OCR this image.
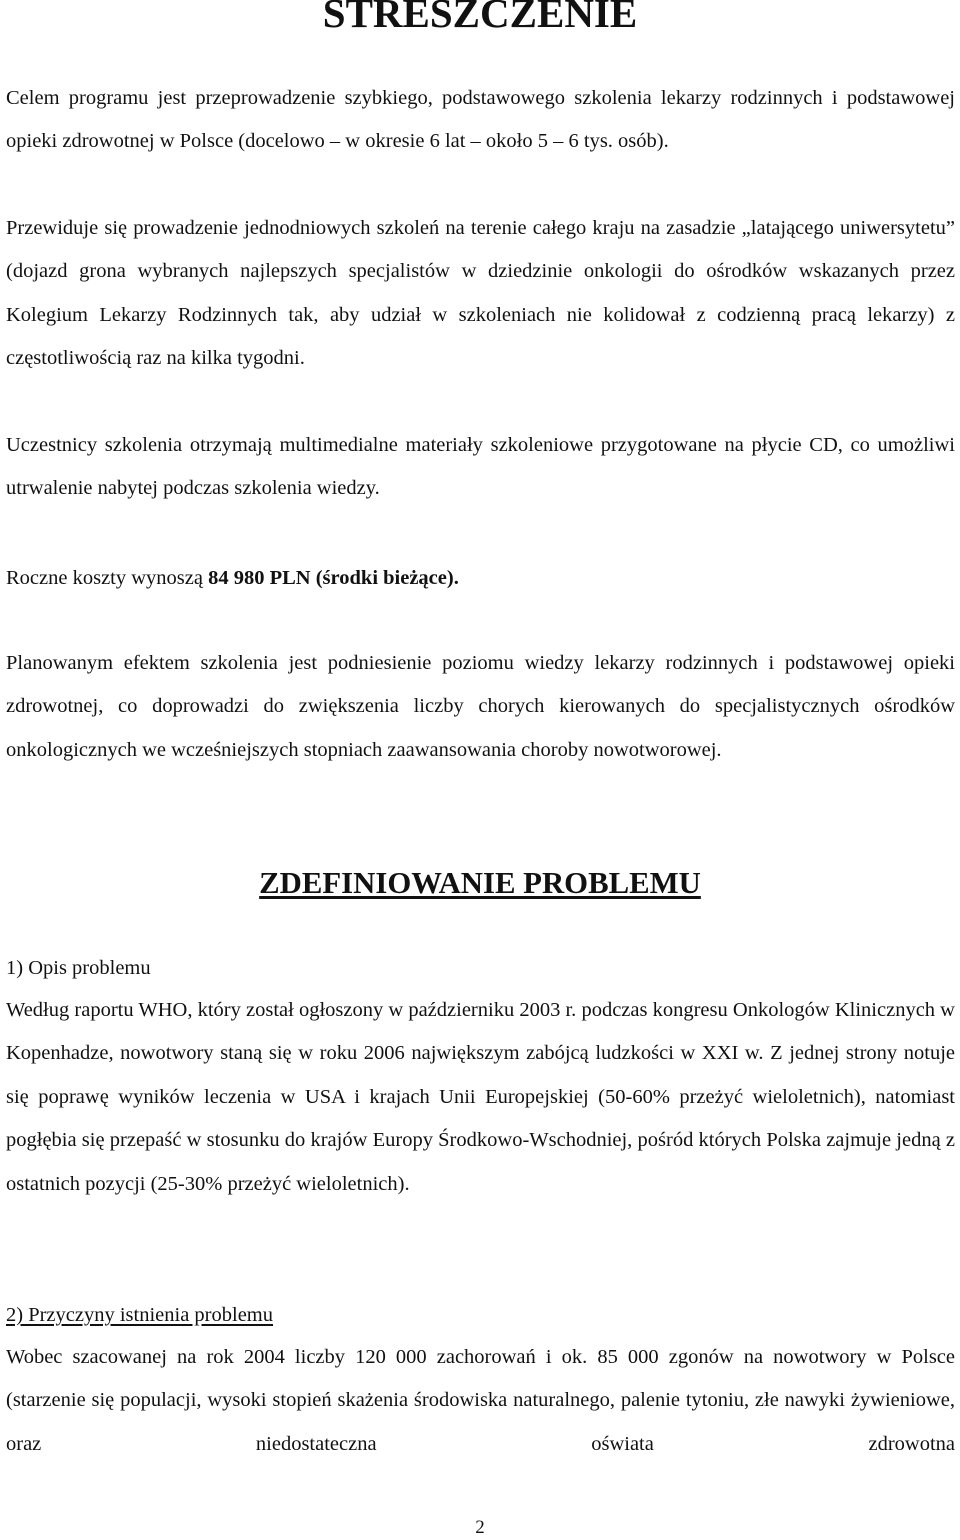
STRESZCZENIE

Celem programu jest przeprowadzenie szybkiego, podstawowego szkolenia lekarzy rodzinnych i podstawowej opieki zdrowotnej w Polsce (docelowo – w okresie 6 lat – około 5 – 6 tys. osób).

Przewiduje się prowadzenie jednodniowych szkoleń na terenie całego kraju na zasadzie „latającego uniwersytetu” (dojazd grona wybranych najlepszych specjalistów w dziedzinie onkologii do ośrodków wskazanych przez Kolegium Lekarzy Rodzinnych tak, aby udział w szkoleniach nie kolidował z codzienną pracą lekarzy) z częstotliwością raz na kilka tygodni.

Uczestnicy szkolenia otrzymają multimedialne materiały szkoleniowe przygotowane na płycie CD, co umożliwi utrwalenie nabytej podczas szkolenia wiedzy.

Roczne koszty wynoszą 84 980 PLN (środki bieżące).

Planowanym efektem szkolenia jest podniesienie poziomu wiedzy lekarzy rodzinnych i podstawowej opieki zdrowotnej, co doprowadzi do zwiększenia liczby chorych kierowanych do specjalistycznych ośrodków onkologicznych we wcześniejszych stopniach zaawansowania choroby nowotworowej.

ZDEFINIOWANIE PROBLEMU

1) Opis problemu

Według raportu WHO, który został ogłoszony w październiku 2003 r. podczas kongresu Onkologów Klinicznych w Kopenhadze, nowotwory staną się w roku 2006 największym zabójcą ludzkości w XXI w. Z jednej strony notuje się poprawę wyników leczenia w USA i krajach Unii Europejskiej (50-60% przeżyć wieloletnich), natomiast pogłębia się przepaść w stosunku do krajów Europy Środkowo-Wschodniej, pośród których Polska zajmuje jedną z ostatnich pozycji (25-30% przeżyć wieloletnich).

2) Przyczyny istnienia problemu

Wobec szacowanej na rok 2004 liczby 120 000 zachorowań i ok. 85 000 zgonów na nowotwory w Polsce (starzenie się populacji, wysoki stopień skażenia środowiska naturalnego, palenie tytoniu, złe nawyki żywieniowe, oraz niedostateczna oświata zdrowotna

2
